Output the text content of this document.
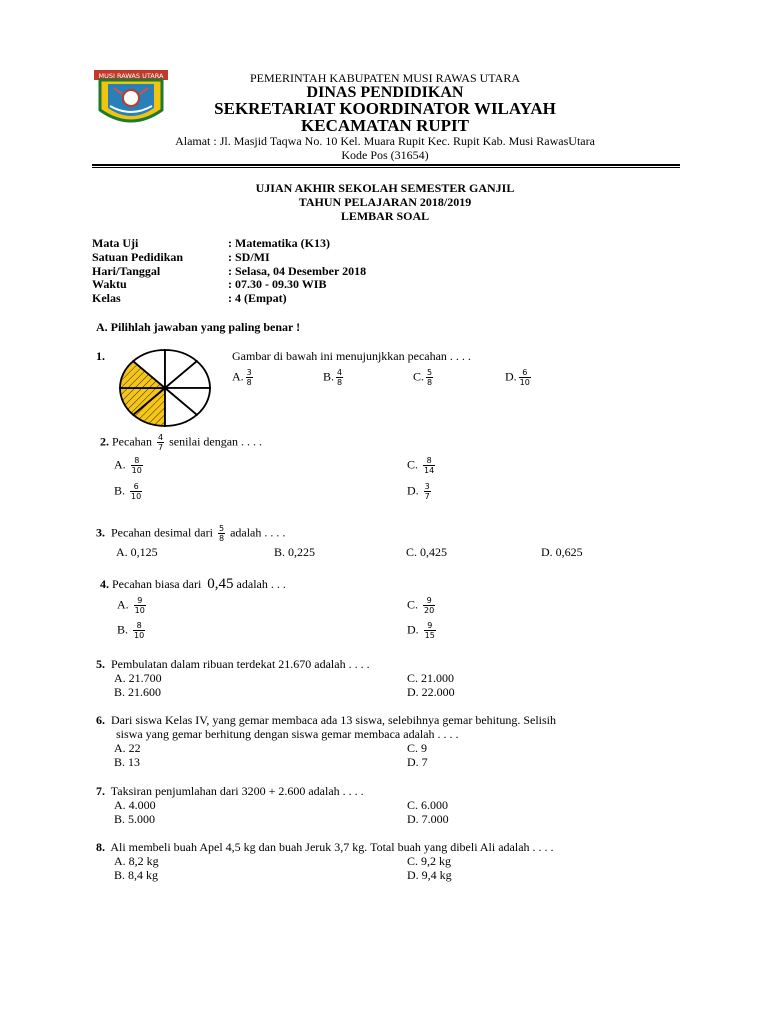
MUSI RAWAS UTARA	PEMERINTAH KABUPATEN MUSI RAWAS UTARA
DINAS PENDIDIKAN
SEKRETARIAT KOORDINATOR WILAYAH
KECAMATAN RUPIT
Alamat : Jl. Masjid Taqwa No. 10 Kel. Muara Rupit Kec. Rupit Kab. Musi RawasUtara
Kode Pos (31654)
UJIAN AKHIR SEKOLAH SEMESTER GANJIL
TAHUN PELAJARAN 2018/2019
LEMBAR SOAL
Mata Uji	: Matematika (K13)
Satuan Pedidikan	: SD/MI
Hari/Tanggal	: Selasa, 04 Desember 2018
Waktu	: 07.30 - 09.30 WIB
Kelas	: 4 (Empat)
A. Pilihlah jawaban yang paling benar !
1.	Gambar di bawah ini menujunjkkan pecahan . . . .
A. $\frac{3}{8}$	B. $\frac{4}{8}$	C. $\frac{5}{8}$	D. $\frac{6}{10}$
2. Pecahan $\frac{4}{7}$ senilai dengan . . . .
A. $\frac{8}{10}$	C. $\frac{8}{14}$
B. $\frac{6}{10}$	D. $\frac{3}{7}$
3. Pecahan desimal dari $\frac{5}{8}$ adalah . . . .
A. 0,125	B. 0,225	C. 0,425	D. 0,625
4. Pecahan biasa dari 0,45 adalah . . .
A. $\frac{9}{10}$	C. $\frac{9}{20}$
B. $\frac{8}{10}$	D. $\frac{9}{15}$
5. Pembulatan dalam ribuan terdekat 21.670 adalah . . . .
A. 21.700	C. 21.000
B. 21.600	D. 22.000
6. Dari siswa Kelas IV, yang gemar membaca ada 13 siswa, selebihnya gemar behitung. Selisih
siswa yang gemar berhitung dengan siswa gemar membaca adalah . . . .
A. 22	C. 9
B. 13	D. 7
7. Taksiran penjumlahan dari 3200 + 2.600 adalah . . . .
A. 4.000	C. 6.000
B. 5.000	D. 7.000
8. Ali membeli buah Apel 4,5 kg dan buah Jeruk 3,7 kg. Total buah yang dibeli Ali adalah . . . .
A. 8,2 kg	C. 9,2 kg
B. 8,4 kg	D. 9,4 kg
